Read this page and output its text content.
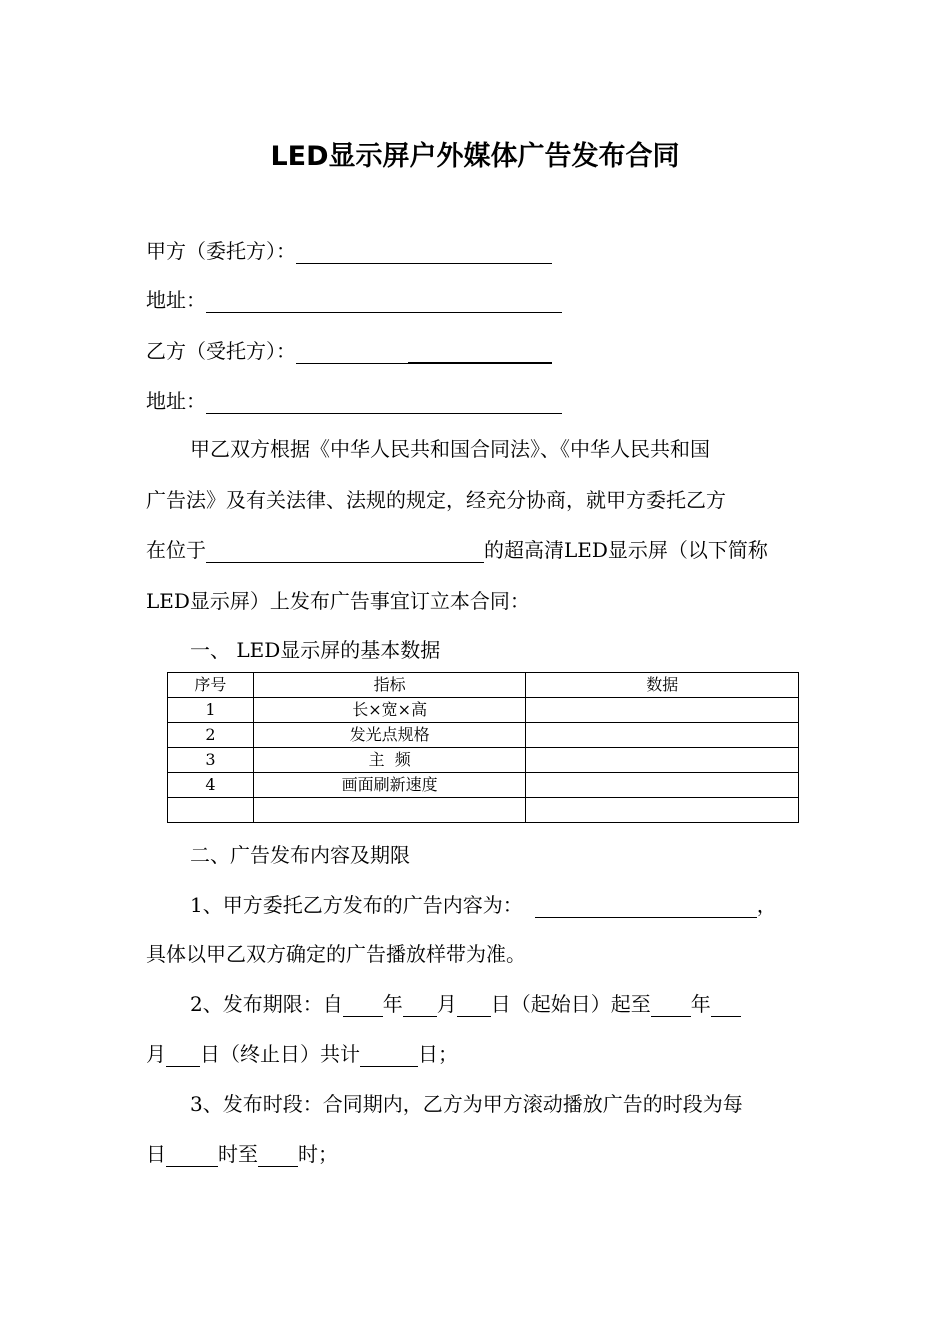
LED显示屏户外媒体广告发布合同
甲方（委托方）：
地址：
乙方（受托方）：
地址：
甲乙双方根据《中华人民共和国合同法》、《中华人民共和国
广告法》及有关法律、法规的规定，经充分协商，就甲方委托乙方
在位于	的超高清LED显示屏（以下简称
LED显示屏）上发布广告事宜订立本合同：
一、 LED显示屏的基本数据
序号	指标	数据
1	长×宽×高	
2	发光点规格	
3	主  频	
4	画面刷新速度	

二、广告发布内容及期限
1、甲方委托乙方发布的广告内容为：	，
具体以甲乙双方确定的广告播放样带为准。
2、发布期限：自 年 月 日（起始日）起至 年
月 日（终止日）共计	日；
3、发布时段：合同期内，乙方为甲方滚动播放广告的时段为每
日	时至 时；
